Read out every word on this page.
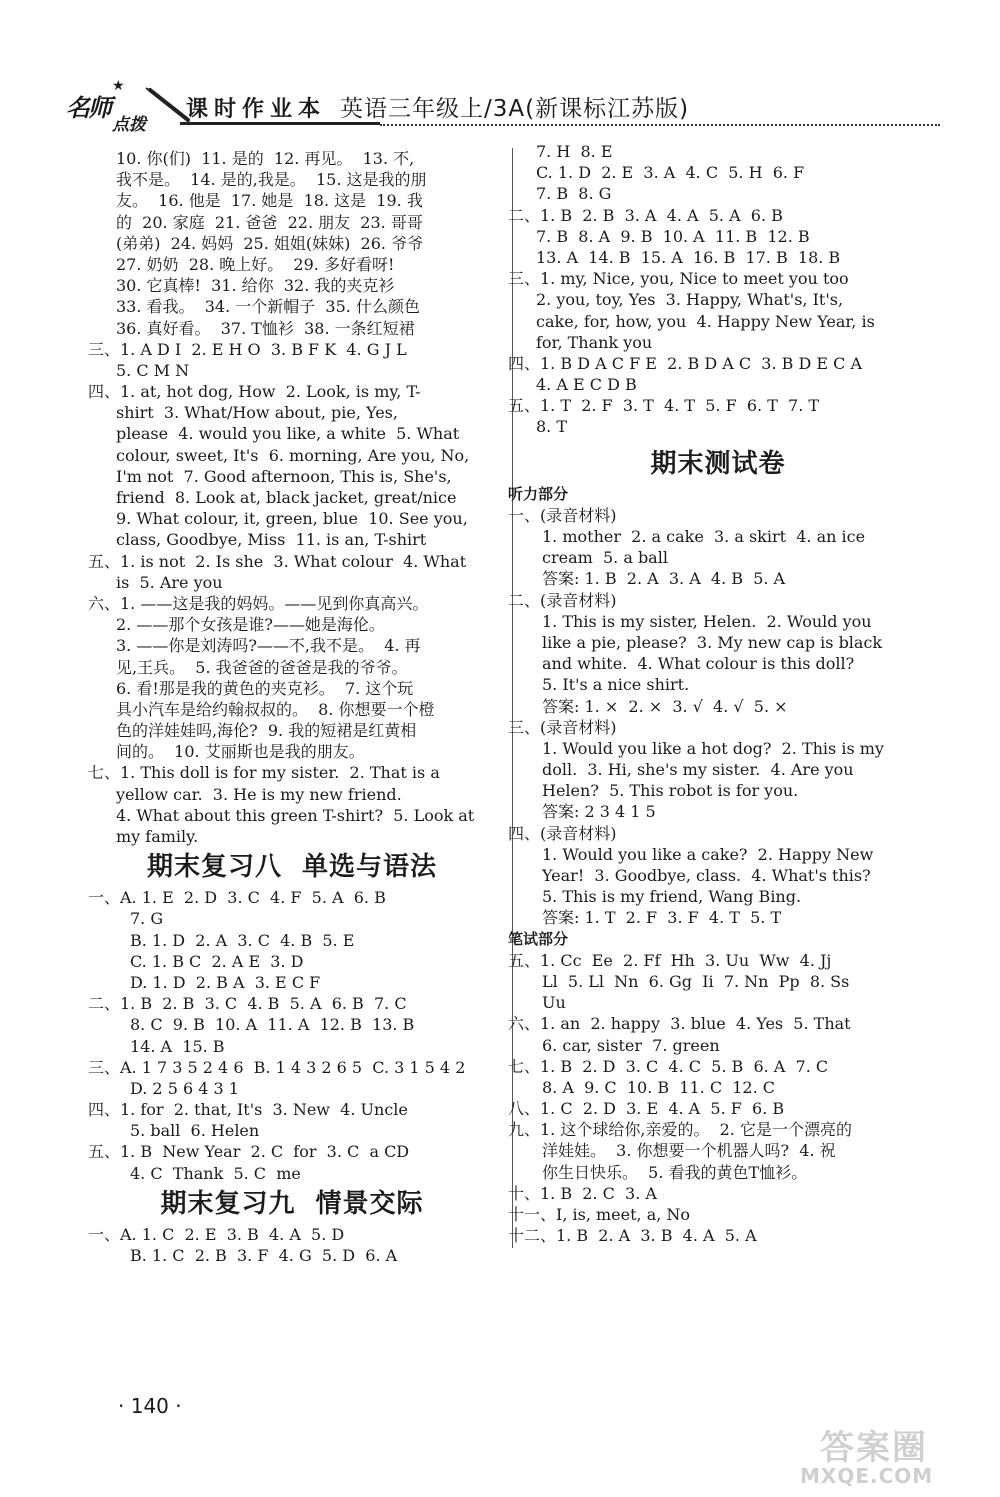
★
名师
点拨
课时作业本 英语三年级上/3A(新课标江苏版)
10. 你(们)  11. 是的  12. 再见。  13. 不,
我不是。  14. 是的,我是。  15. 这是我的朋
友。  16. 他是  17. 她是  18. 这是  19. 我
的  20. 家庭  21. 爸爸  22. 朋友  23. 哥哥
(弟弟)  24. 妈妈  25. 姐姐(妹妹)  26. 爷爷
27. 奶奶  28. 晚上好。  29. 多好看呀!
30. 它真棒!  31. 给你  32. 我的夹克衫
33. 看我。  34. 一个新帽子  35. 什么颜色
36. 真好看。  37. T恤衫  38. 一条红短裙
三、1. A D I  2. E H O  3. B F K  4. G J L
5. C M N
四、1. at, hot dog, How  2. Look, is my, T-
shirt  3. What/How about, pie, Yes,
please  4. would you like, a white  5. What
colour, sweet, It's  6. morning, Are you, No,
I'm not  7. Good afternoon, This is, She's,
friend  8. Look at, black jacket, great/nice
9. What colour, it, green, blue  10. See you,
class, Goodbye, Miss  11. is an, T-shirt
五、1. is not  2. Is she  3. What colour  4. What
is  5. Are you
六、1. ——这是我的妈妈。——见到你真高兴。
2. ——那个女孩是谁?——她是海伦。
3. ——你是刘涛吗?——不,我不是。  4. 再
见,王兵。  5. 我爸爸的爸爸是我的爷爷。
6. 看!那是我的黄色的夹克衫。  7. 这个玩
具小汽车是给约翰叔叔的。  8. 你想要一个橙
色的洋娃娃吗,海伦?  9. 我的短裙是红黄相
间的。  10. 艾丽斯也是我的朋友。
七、1. This doll is for my sister.  2. That is a
yellow car.  3. He is my new friend.
4. What about this green T-shirt?  5. Look at
my family.
期末复习八  单选与语法
一、A. 1. E  2. D  3. C  4. F  5. A  6. B
7. G
B. 1. D  2. A  3. C  4. B  5. E
C. 1. B C  2. A E  3. D
D. 1. D  2. B A  3. E C F
二、1. B  2. B  3. C  4. B  5. A  6. B  7. C
8. C  9. B  10. A  11. A  12. B  13. B
14. A  15. B
三、A. 1 7 3 5 2 4 6  B. 1 4 3 2 6 5  C. 3 1 5 4 2
D. 2 5 6 4 3 1
四、1. for  2. that, It's  3. New  4. Uncle
5. ball  6. Helen
五、1. B  New Year  2. C  for  3. C  a CD
4. C  Thank  5. C  me
期末复习九  情景交际
一、A. 1. C  2. E  3. B  4. A  5. D
B. 1. C  2. B  3. F  4. G  5. D  6. A
7. H  8. E
C. 1. D  2. E  3. A  4. C  5. H  6. F
7. B  8. G
二、1. B  2. B  3. A  4. A  5. A  6. B
7. B  8. A  9. B  10. A  11. B  12. B
13. A  14. B  15. A  16. B  17. B  18. B
三、1. my, Nice, you, Nice to meet you too
2. you, toy, Yes  3. Happy, What's, It's,
cake, for, how, you  4. Happy New Year, is
for, Thank you
四、1. B D A C F E  2. B D A C  3. B D E C A
4. A E C D B
五、1. T  2. F  3. T  4. T  5. F  6. T  7. T
8. T
期末测试卷
听力部分
一、(录音材料)
1. mother  2. a cake  3. a skirt  4. an ice
cream  5. a ball
答案: 1. B  2. A  3. A  4. B  5. A
二、(录音材料)
1. This is my sister, Helen.  2. Would you
like a pie, please?  3. My new cap is black
and white.  4. What colour is this doll?
5. It's a nice shirt.
答案: 1. ×  2. ×  3. √  4. √  5. ×
三、(录音材料)
1. Would you like a hot dog?  2. This is my
doll.  3. Hi, she's my sister.  4. Are you
Helen?  5. This robot is for you.
答案: 2 3 4 1 5
四、(录音材料)
1. Would you like a cake?  2. Happy New
Year!  3. Goodbye, class.  4. What's this?
5. This is my friend, Wang Bing.
答案: 1. T  2. F  3. F  4. T  5. T
笔试部分
五、1. Cc  Ee  2. Ff  Hh  3. Uu  Ww  4. Jj
Ll  5. Ll  Nn  6. Gg  Ii  7. Nn  Pp  8. Ss
Uu
六、1. an  2. happy  3. blue  4. Yes  5. That
6. car, sister  7. green
七、1. B  2. D  3. C  4. C  5. B  6. A  7. C
8. A  9. C  10. B  11. C  12. C
八、1. C  2. D  3. E  4. A  5. F  6. B
九、1. 这个球给你,亲爱的。  2. 它是一个漂亮的
洋娃娃。  3. 你想要一个机器人吗?  4. 祝
你生日快乐。  5. 看我的黄色T恤衫。
十、1. B  2. C  3. A
十一、I, is, meet, a, No
十二、1. B  2. A  3. B  4. A  5. A
· 140 ·
答案圈
MXQE.COM
